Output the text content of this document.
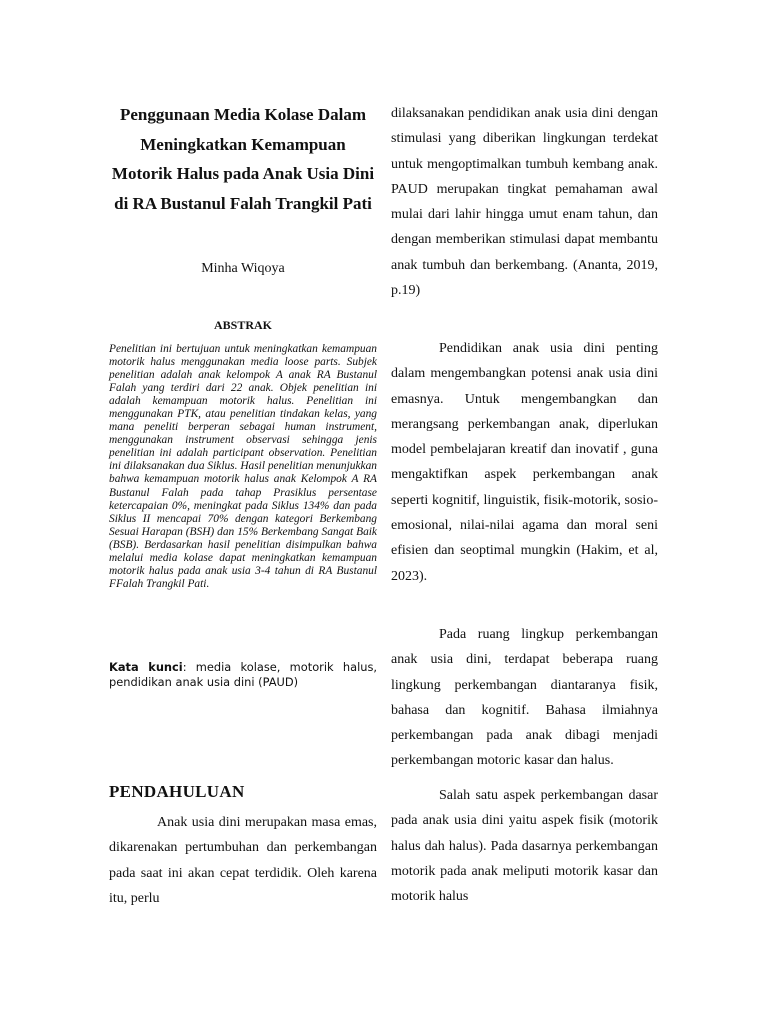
Penggunaan Media Kolase Dalam Meningkatkan Kemampuan Motorik Halus pada Anak Usia Dini di RA Bustanul Falah Trangkil Pati
Minha Wiqoya
ABSTRAK

Penelitian ini bertujuan untuk meningkatkan kemampuan motorik halus menggunakan media loose parts. Subjek penelitian adalah anak kelompok A anak RA Bustanul Falah yang terdiri dari 22 anak. Objek penelitian ini adalah kemampuan motorik halus. Penelitian ini menggunakan PTK, atau penelitian tindakan kelas, yang mana peneliti berperan sebagai human instrument, menggunakan instrument observasi sehingga jenis penelitian ini adalah participant observation. Penelitian ini dilaksanakan dua Siklus. Hasil penelitian menunjukkan bahwa kemampuan motorik halus anak Kelompok A RA Bustanul Falah pada tahap Prasiklus persentase ketercapaian 0%, meningkat pada Siklus 134% dan pada Siklus II mencapai 70% dengan kategori Berkembang Sesuai Harapan (BSH) dan 15% Berkembang Sangat Baik (BSB). Berdasarkan hasil penelitian disimpulkan bahwa melalui media kolase dapat meningkatkan kemampuan motorik halus pada anak usia 3-4 tahun di RA Bustanul FFalah Trangkil Pati.

Kata kunci: media kolase, motorik halus, pendidikan anak usia dini (PAUD)

PENDAHULUAN

Anak usia dini merupakan masa emas, dikarenakan pertumbuhan dan perkembangan pada saat ini akan cepat terdidik. Oleh karena itu, perlu

dilaksanakan pendidikan anak usia dini dengan stimulasi yang diberikan lingkungan terdekat untuk mengoptimalkan tumbuh kembang anak. PAUD merupakan tingkat pemahaman awal mulai dari lahir hingga umut enam tahun, dan dengan memberikan stimulasi dapat membantu anak tumbuh dan berkembang. (Ananta, 2019, p.19)

Pendidikan anak usia dini penting dalam mengembangkan potensi anak usia dini emasnya. Untuk mengembangkan dan merangsang perkembangan anak, diperlukan model pembelajaran kreatif dan inovatif , guna mengaktifkan aspek perkembangan anak seperti kognitif, linguistik, fisik-motorik, sosio-emosional, nilai-nilai agama dan moral seni efisien dan seoptimal mungkin (Hakim, et al, 2023).

Pada ruang lingkup perkembangan anak usia dini, terdapat beberapa ruang lingkung perkembangan diantaranya fisik, bahasa dan kognitif. Bahasa ilmiahnya perkembangan pada anak dibagi menjadi perkembangan motoric kasar dan halus.

Salah satu aspek perkembangan dasar pada anak usia dini yaitu aspek fisik (motorik halus dah halus). Pada dasarnya perkembangan motorik pada anak meliputi motorik kasar dan motorik halus
